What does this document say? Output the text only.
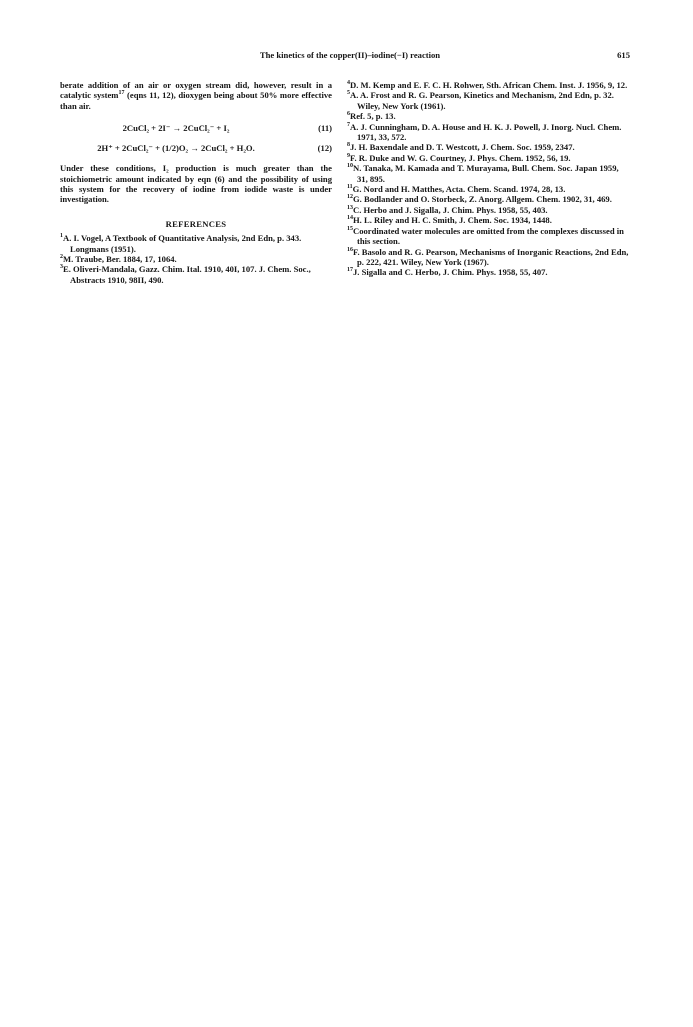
The kinetics of the copper(II)–iodine(−I) reaction	615

berate addition of an air or oxygen stream did, however, result in a catalytic system$^{17}$ (eqns 11, 12), dioxygen being about 50% more effective than air.

2CuCl₂ + 2I⁻ → 2CuCl₂⁻ + I₂	(11)
2H⁺ + 2CuCl₂⁻ + (1/2)O₂ → 2CuCl₂ + H₂O.	(12)

Under these conditions, I₂ production is much greater than the stoichiometric amount indicated by eqn (6) and the possibility of using this system for the recovery of iodine from iodide waste is under investigation.

REFERENCES
$^1$A. I. Vogel, A Textbook of Quantitative Analysis, 2nd Edn, p. 343. Longmans (1951).
$^2$M. Traube, Ber. 1884, 17, 1064.
$^3$E. Oliveri-Mandala, Gazz. Chim. Ital. 1910, 40I, 107. J. Chem. Soc., Abstracts 1910, 98II, 490.
$^4$D. M. Kemp and E. F. C. H. Rohwer, Sth. African Chem. Inst. J. 1956, 9, 12.
$^5$A. A. Frost and R. G. Pearson, Kinetics and Mechanism, 2nd Edn, p. 32. Wiley, New York (1961).
$^6$Ref. 5, p. 13.
$^7$A. J. Cunningham, D. A. House and H. K. J. Powell, J. Inorg. Nucl. Chem. 1971, 33, 572.
$^8$J. H. Baxendale and D. T. Westcott, J. Chem. Soc. 1959, 2347.
$^9$F. R. Duke and W. G. Courtney, J. Phys. Chem. 1952, 56, 19.
$^{10}$N. Tanaka, M. Kamada and T. Murayama, Bull. Chem. Soc. Japan 1959, 31, 895.
$^{11}$G. Nord and H. Matthes, Acta. Chem. Scand. 1974, 28, 13.
$^{12}$G. Bodlander and O. Storbeck, Z. Anorg. Allgem. Chem. 1902, 31, 469.
$^{13}$C. Herbo and J. Sigalla, J. Chim. Phys. 1958, 55, 403.
$^{14}$H. L. Riley and H. C. Smith, J. Chem. Soc. 1934, 1448.
$^{15}$Coordinated water molecules are omitted from the complexes discussed in this section.
$^{16}$F. Basolo and R. G. Pearson, Mechanisms of Inorganic Reactions, 2nd Edn, p. 222, 421. Wiley, New York (1967).
$^{17}$J. Sigalla and C. Herbo, J. Chim. Phys. 1958, 55, 407.
